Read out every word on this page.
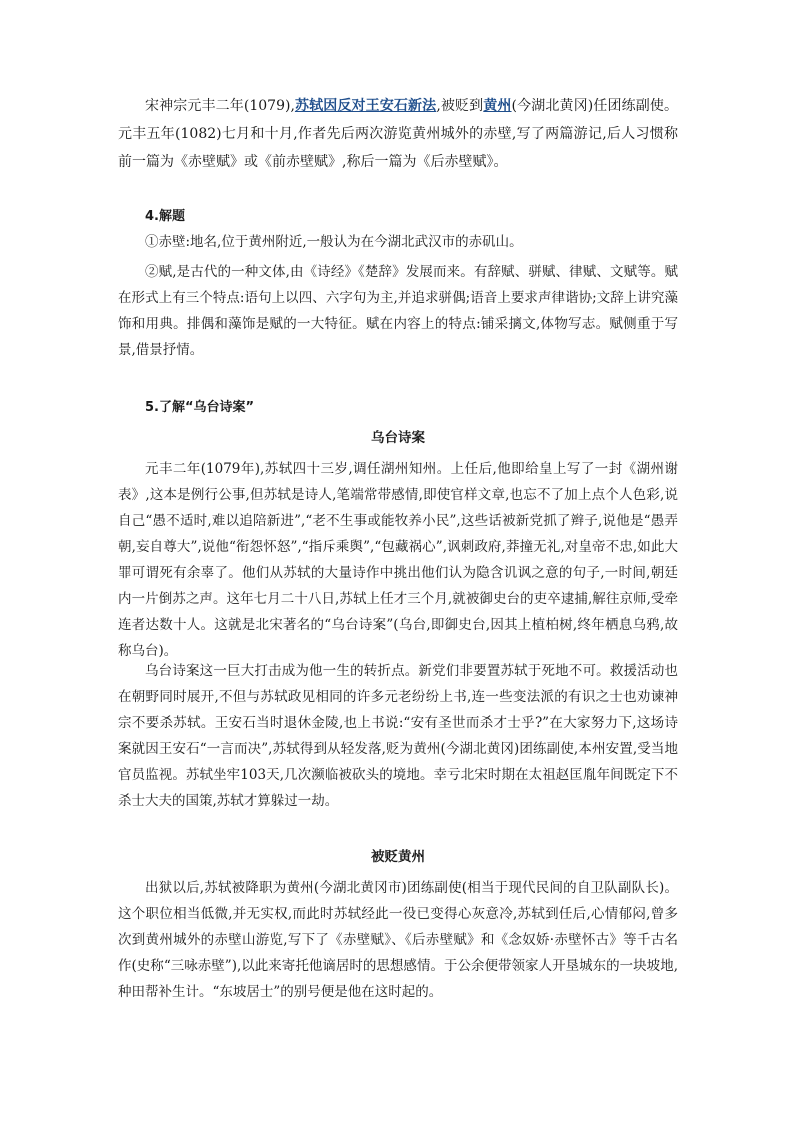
宋神宗元丰二年(1079),苏轼因反对王安石新法,被贬到黄州(今湖北黄冈)任团练副使。元丰五年(1082)七月和十月,作者先后两次游览黄州城外的赤壁,写了两篇游记,后人习惯称前一篇为《赤壁赋》或《前赤壁赋》,称后一篇为《后赤壁赋》。
4.解题
①赤壁:地名,位于黄州附近,一般认为在今湖北武汉市的赤矶山。
②赋,是古代的一种文体,由《诗经》《楚辞》发展而来。有辞赋、骈赋、律赋、文赋等。赋在形式上有三个特点:语句上以四、六字句为主,并追求骈偶;语音上要求声律谐协;文辞上讲究藻饰和用典。排偶和藻饰是赋的一大特征。赋在内容上的特点:铺采摛文,体物写志。赋侧重于写景,借景抒情。
5.了解“乌台诗案”
乌台诗案
元丰二年(1079年),苏轼四十三岁,调任湖州知州。上任后,他即给皇上写了一封《湖州谢表》,这本是例行公事,但苏轼是诗人,笔端常带感情,即使官样文章,也忘不了加上点个人色彩,说自己“愚不适时,难以追陪新进”,“老不生事或能牧养小民”,这些话被新党抓了辫子,说他是“愚弄朝,妄自尊大”,说他“衔怨怀怒”,“指斥乘舆”,“包藏祸心”,讽刺政府,莽撞无礼,对皇帝不忠,如此大罪可谓死有余辜了。他们从苏轼的大量诗作中挑出他们认为隐含讥讽之意的句子,一时间,朝廷内一片倒苏之声。这年七月二十八日,苏轼上任才三个月,就被御史台的吏卒逮捕,解往京师,受牵连者达数十人。这就是北宋著名的“乌台诗案”(乌台,即御史台,因其上植柏树,终年栖息乌鸦,故称乌台)。
乌台诗案这一巨大打击成为他一生的转折点。新党们非要置苏轼于死地不可。救援活动也在朝野同时展开,不但与苏轼政见相同的许多元老纷纷上书,连一些变法派的有识之士也劝谏神宗不要杀苏轼。王安石当时退休金陵,也上书说:“安有圣世而杀才士乎?”在大家努力下,这场诗案就因王安石“一言而决”,苏轼得到从轻发落,贬为黄州(今湖北黄冈)团练副使,本州安置,受当地官员监视。苏轼坐牢103天,几次濒临被砍头的境地。幸亏北宋时期在太祖赵匡胤年间既定下不杀士大夫的国策,苏轼才算躲过一劫。
被贬黄州
出狱以后,苏轼被降职为黄州(今湖北黄冈市)团练副使(相当于现代民间的自卫队副队长)。这个职位相当低微,并无实权,而此时苏轼经此一役已变得心灰意冷,苏轼到任后,心情郁闷,曾多次到黄州城外的赤壁山游览,写下了《赤壁赋》、《后赤壁赋》和《念奴娇·赤壁怀古》等千古名作(史称“三咏赤壁”),以此来寄托他谪居时的思想感情。于公余便带领家人开垦城东的一块坡地,种田帮补生计。“东坡居士”的别号便是他在这时起的。
